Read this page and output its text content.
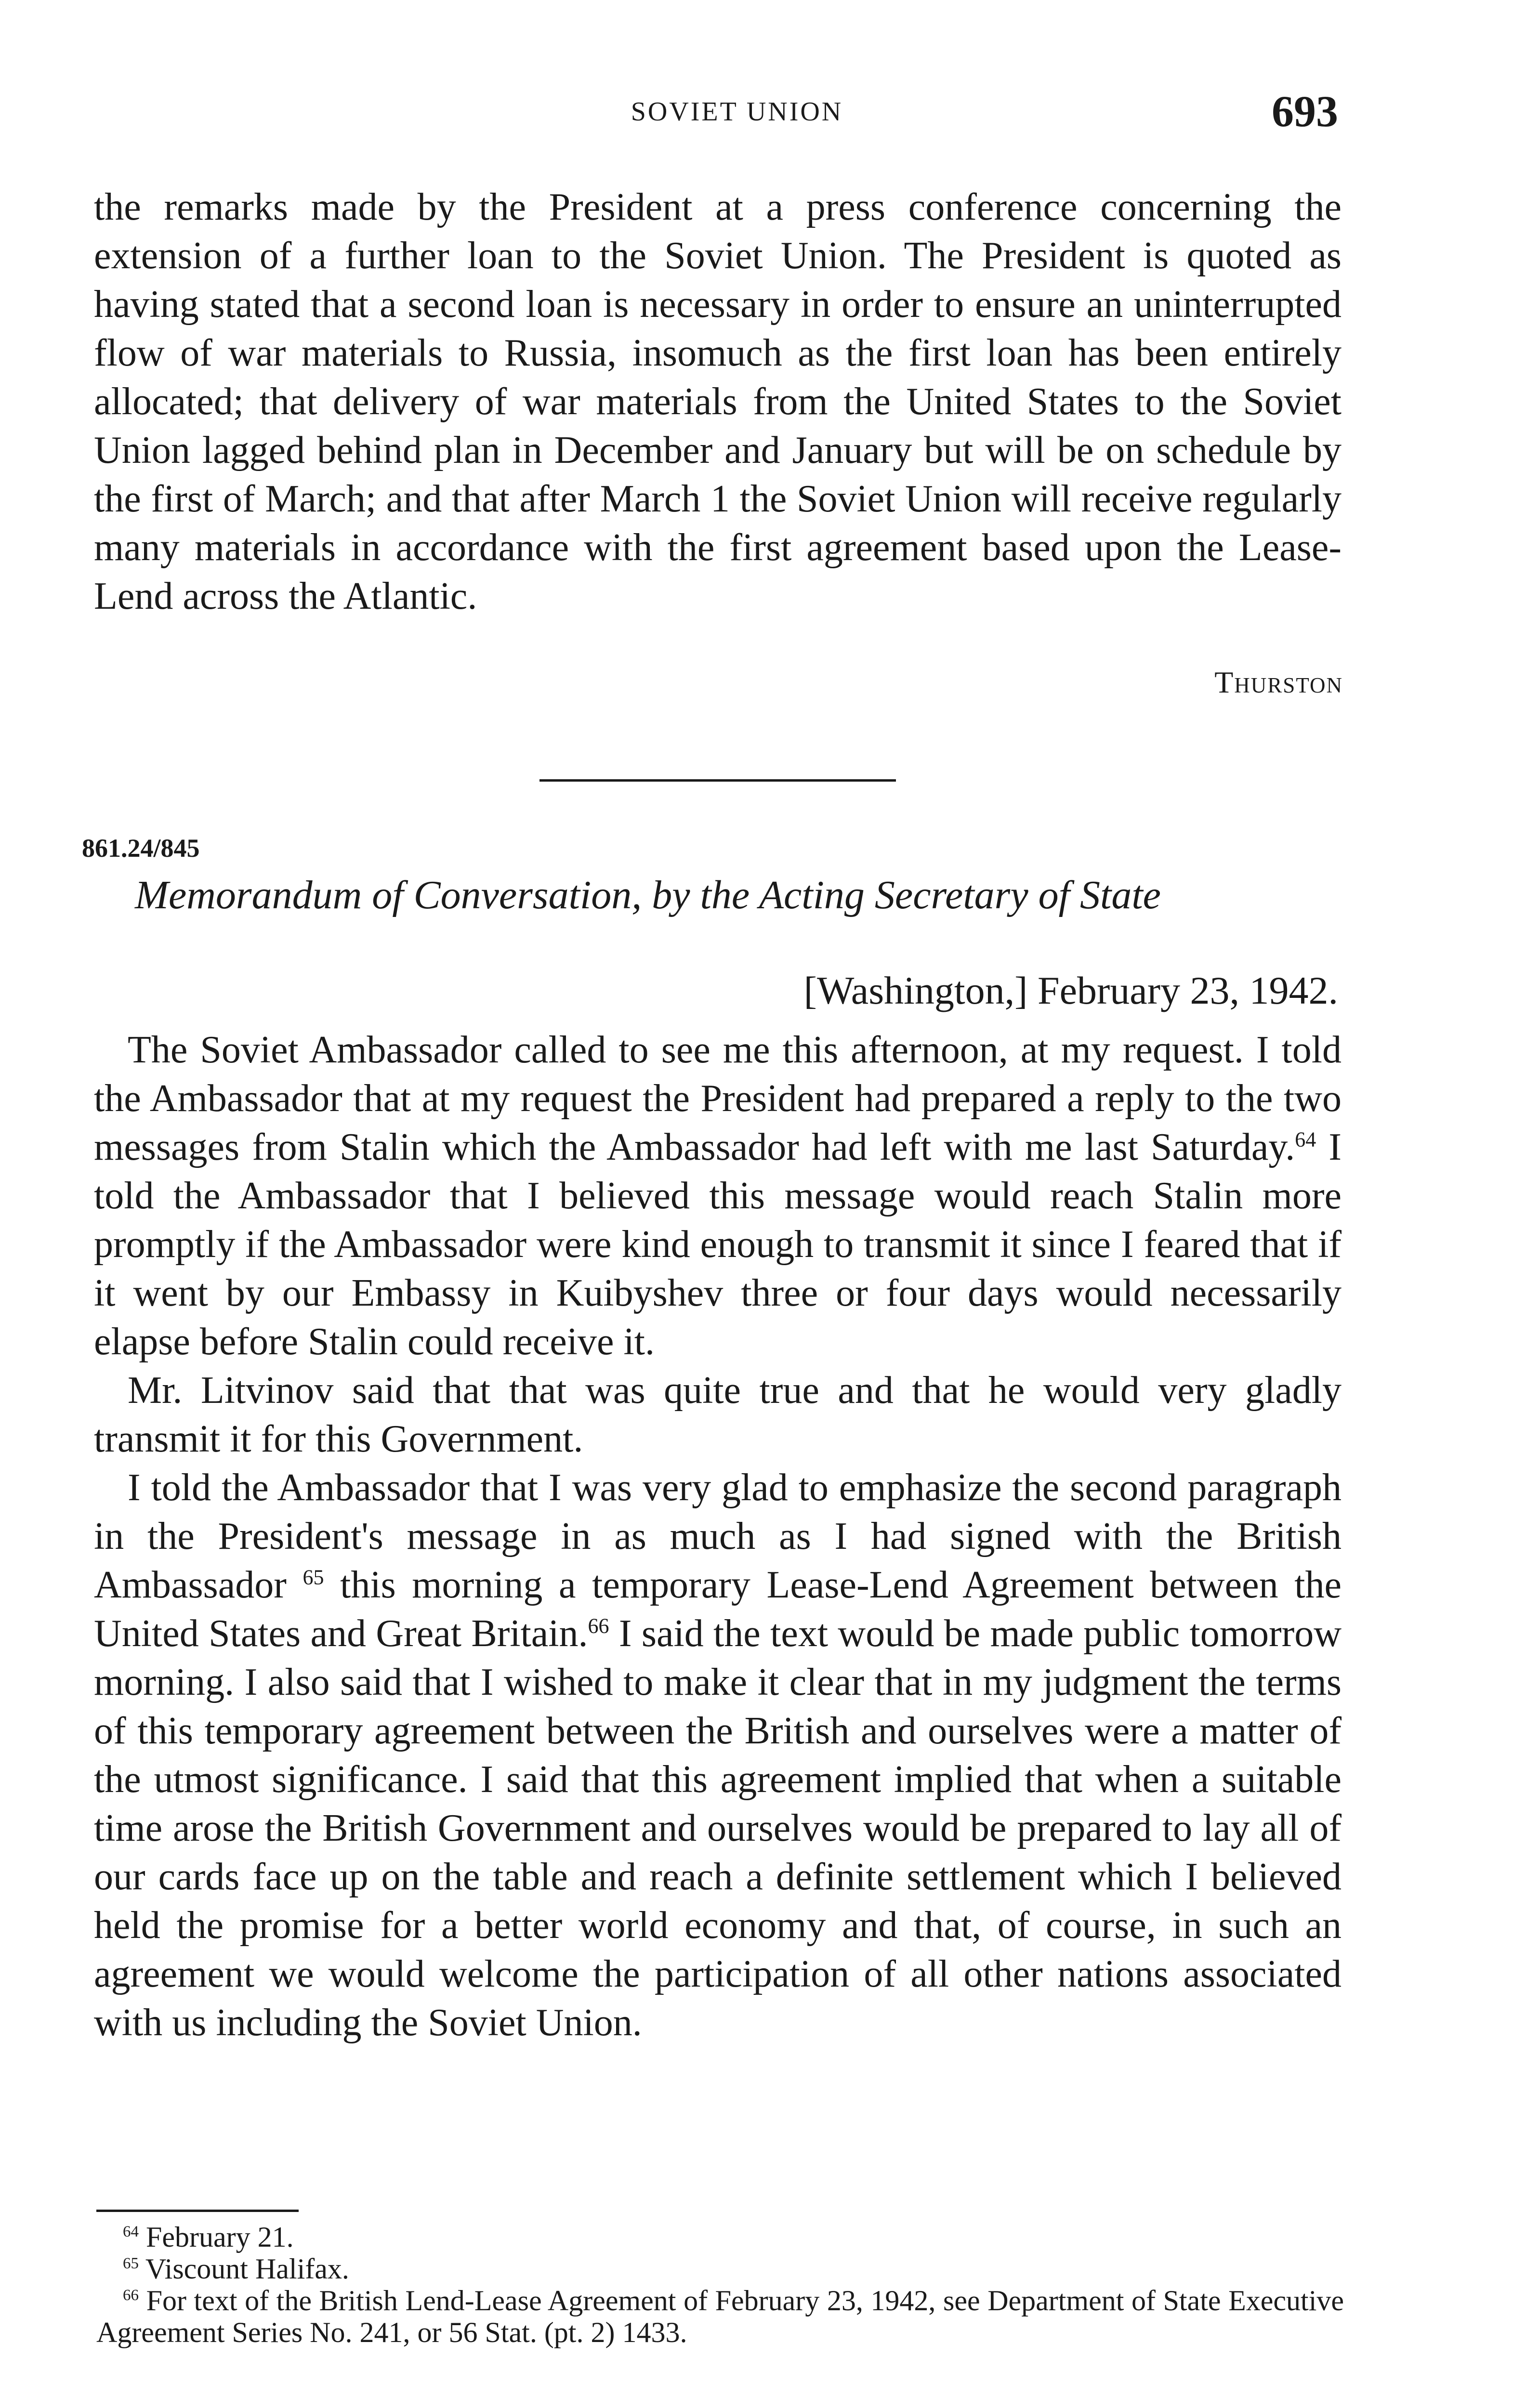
SOVIET UNION	693

the remarks made by the President at a press conference concerning the extension of a further loan to the Soviet Union. The President is quoted as having stated that a second loan is necessary in order to ensure an uninterrupted flow of war materials to Russia, insomuch as the first loan has been entirely allocated; that delivery of war materials from the United States to the Soviet Union lagged behind plan in December and January but will be on schedule by the first of March; and that after March 1 the Soviet Union will receive regularly many materials in accordance with the first agreement based upon the Lease-Lend across the Atlantic.

Thurston
861.24/845
Memorandum of Conversation, by the Acting Secretary of State
[Washington,] February 23, 1942.

The Soviet Ambassador called to see me this afternoon, at my request. I told the Ambassador that at my request the President had prepared a reply to the two messages from Stalin which the Ambassador had left with me last Saturday.$^{64}$ I told the Ambassador that I believed this message would reach Stalin more promptly if the Ambassador were kind enough to transmit it since I feared that if it went by our Embassy in Kuibyshev three or four days would necessarily elapse before Stalin could receive it.

Mr. Litvinov said that that was quite true and that he would very gladly transmit it for this Government.

I told the Ambassador that I was very glad to emphasize the second paragraph in the President's message in as much as I had signed with the British Ambassador $^{65}$ this morning a temporary Lease-Lend Agreement between the United States and Great Britain.$^{66}$ I said the text would be made public tomorrow morning. I also said that I wished to make it clear that in my judgment the terms of this temporary agreement between the British and ourselves were a matter of the utmost significance. I said that this agreement implied that when a suitable time arose the British Government and ourselves would be prepared to lay all of our cards face up on the table and reach a definite settlement which I believed held the promise for a better world economy and that, of course, in such an agreement we would welcome the participation of all other nations associated with us including the Soviet Union.

$^{64}$ February 21.

$^{65}$ Viscount Halifax.

$^{66}$ For text of the British Lend-Lease Agreement of February 23, 1942, see Department of State Executive Agreement Series No. 241, or 56 Stat. (pt. 2) 1433.
